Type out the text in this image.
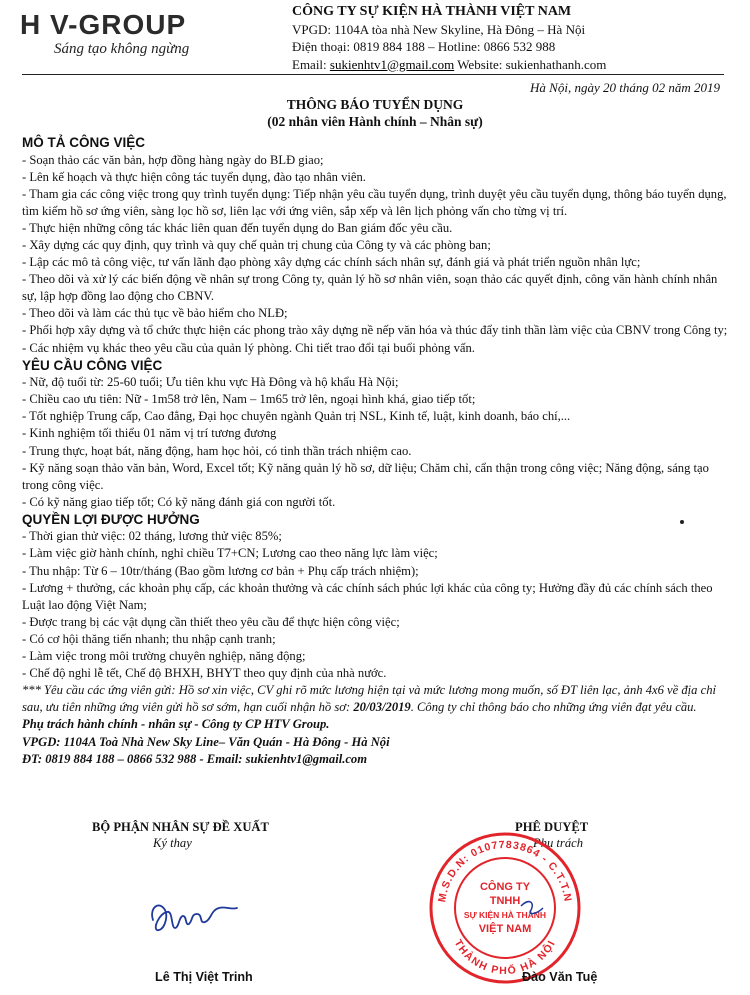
H V-GROUP
Sáng tạo không ngừng
CÔNG TY SỰ KIỆN HÀ THÀNH VIỆT NAM
VPGD: 1104A tòa nhà New Skyline, Hà Đông – Hà Nội
Điện thoại: 0819 884 188 – Hotline: 0866 532 988
Email: sukienhtv1@gmail.com Website: sukienhathanh.com
Hà Nội, ngày 20 tháng 02 năm 2019
THÔNG BÁO TUYỂN DỤNG
(02 nhân viên Hành chính – Nhân sự)
MÔ TẢ CÔNG VIỆC
- Soạn thảo các văn bản, hợp đồng hàng ngày do BLĐ giao;
- Lên kế hoạch và thực hiện công tác tuyển dụng, đào tạo nhân viên.
- Tham gia các công việc trong quy trình tuyển dụng: Tiếp nhận yêu cầu tuyển dụng, trình duyệt yêu cầu tuyển dụng, thông báo tuyển dụng, tìm kiếm hồ sơ ứng viên, sàng lọc hồ sơ, liên lạc với ứng viên, sắp xếp và lên lịch phỏng vấn cho từng vị trí.
- Thực hiện những công tác khác liên quan đến tuyển dụng do Ban giám đốc yêu cầu.
- Xây dựng các quy định, quy trình và quy chế quản trị chung của Công ty và các phòng ban;
- Lập các mô tả công việc, tư vấn lãnh đạo phòng xây dựng các chính sách nhân sự, đánh giá và phát triển nguồn nhân lực;
- Theo dõi và xử lý các biến động về nhân sự trong Công ty, quản lý hồ sơ nhân viên, soạn thảo các quyết định, công văn hành chính nhân sự, lập hợp đồng lao động cho CBNV.
- Theo dõi và làm các thủ tục về bảo hiểm cho NLĐ;
- Phối hợp xây dựng và tổ chức thực hiện các phong trào xây dựng nề nếp văn hóa và thúc đẩy tinh thần làm việc của CBNV trong Công ty;
- Các nhiệm vụ khác theo yêu cầu của quản lý phòng. Chi tiết trao đổi tại buổi phỏng vấn.
YÊU CẦU CÔNG VIỆC
- Nữ, độ tuổi từ: 25-60 tuổi; Ưu tiên khu vực Hà Đông và hộ khẩu Hà Nội;
- Chiều cao ưu tiên: Nữ - 1m58 trở lên, Nam – 1m65 trở lên, ngoại hình khá, giao tiếp tốt;
- Tốt nghiệp Trung cấp, Cao đẳng, Đại học chuyên ngành Quản trị NSL, Kinh tế, luật, kinh doanh, báo chí,...
- Kinh nghiệm tối thiểu 01 năm vị trí tương đương
- Trung thực, hoạt bát, năng động, ham học hỏi, có tinh thần trách nhiệm cao.
- Kỹ năng soạn thảo văn bản, Word, Excel tốt; Kỹ năng quản lý hồ sơ, dữ liệu; Chăm chỉ, cẩn thận trong công việc; Năng động, sáng tạo trong công việc.
- Có kỹ năng giao tiếp tốt; Có kỹ năng đánh giá con người tốt.
QUYỀN LỢI ĐƯỢC HƯỞNG
- Thời gian thử việc: 02 tháng, lương thử việc 85%;
- Làm việc giờ hành chính, nghỉ chiều T7+CN; Lương cao theo năng lực làm việc;
- Thu nhập: Từ 6 – 10tr/tháng (Bao gồm lương cơ bản + Phụ cấp trách nhiệm);
- Lương + thưởng, các khoản phụ cấp, các khoản thưởng và các chính sách phúc lợi khác của công ty; Hưởng đầy đủ các chính sách theo Luật lao động Việt Nam;
- Được trang bị các vật dụng cần thiết theo yêu cầu để thực hiện công việc;
- Có cơ hội thăng tiến nhanh; thu nhập cạnh tranh;
- Làm việc trong môi trường chuyên nghiệp, năng động;
- Chế độ nghỉ lễ tết, Chế độ BHXH, BHYT theo quy định của nhà nước.
*** Yêu cầu các ứng viên gửi: Hồ sơ xin việc, CV ghi rõ mức lương hiện tại và mức lương mong muốn, số ĐT liên lạc, ảnh 4x6 về địa chỉ sau, ưu tiên những ứng viên gửi hồ sơ sớm, hạn cuối nhận hồ sơ: 20/03/2019. Công ty chỉ thông báo cho những ứng viên đạt yêu cầu.
Phụ trách hành chính - nhân sự - Công ty CP HTV Group.
VPGD: 1104A Toà Nhà New Sky Line– Văn Quán - Hà Đông - Hà Nội
ĐT: 0819 884 188 – 0866 532 988 - Email: sukienhtv1@gmail.com
BỘ PHẬN NHÂN SỰ ĐỀ XUẤT
Ký thay
PHÊ DUYỆT
Phụ trách
M.S.D.N: 0107783864 - C.T.T.N
THÀNH PHỐ HÀ NỘI
CÔNG TY
TNHH
SỰ KIỆN HÀ THÀNH
VIỆT NAM
Lê Thị Việt Trinh	Đào Văn Tuệ
